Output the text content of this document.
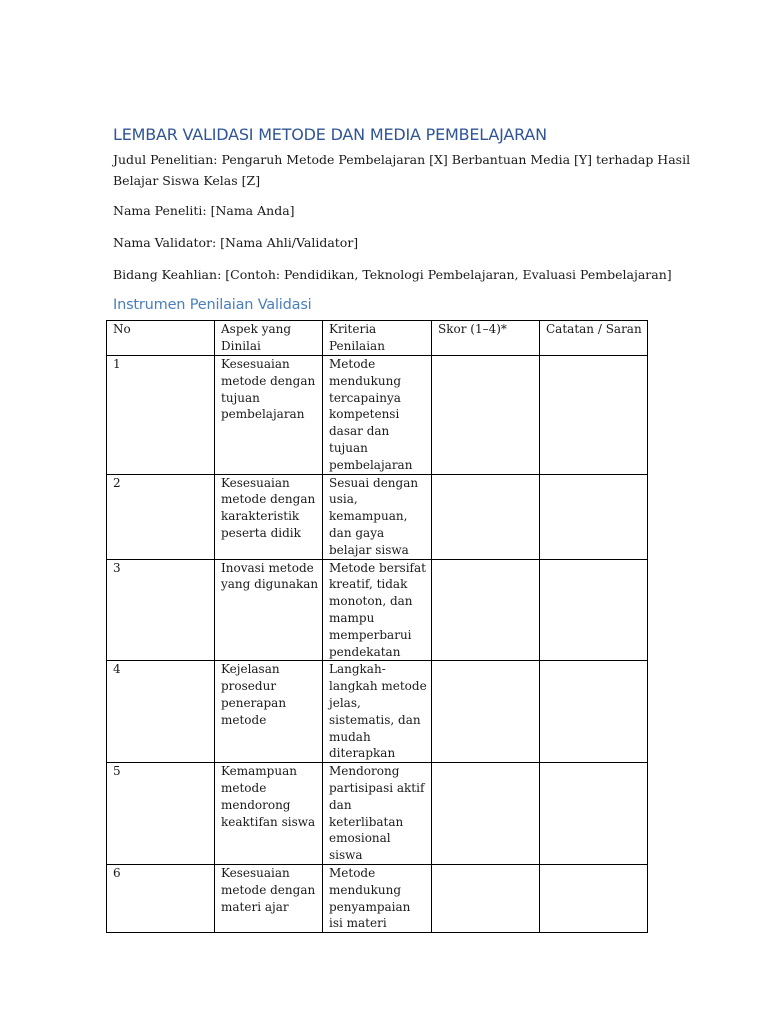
LEMBAR VALIDASI METODE DAN MEDIA PEMBELAJARAN
Judul Penelitian: Pengaruh Metode Pembelajaran [X] Berbantuan Media [Y] terhadap Hasil
Belajar Siswa Kelas [Z]
Nama Peneliti: [Nama Anda]
Nama Validator: [Nama Ahli/Validator]
Bidang Keahlian: [Contoh: Pendidikan, Teknologi Pembelajaran, Evaluasi Pembelajaran]
Instrumen Penilaian Validasi
No	Aspek yang Dinilai	Kriteria Penilaian	Skor (1–4)*	Catatan / Saran
1	Kesesuaian metode dengan tujuan pembelajaran	Metode mendukung tercapainya kompetensi dasar dan tujuan pembelajaran		
2	Kesesuaian metode dengan karakteristik peserta didik	Sesuai dengan usia, kemampuan, dan gaya belajar siswa		
3	Inovasi metode yang digunakan	Metode bersifat kreatif, tidak monoton, dan mampu memperbarui pendekatan		
4	Kejelasan prosedur penerapan metode	Langkah-langkah metode jelas, sistematis, dan mudah diterapkan		
5	Kemampuan metode mendorong keaktifan siswa	Mendorong partisipasi aktif dan keterlibatan emosional siswa		
6	Kesesuaian metode dengan materi ajar	Metode mendukung penyampaian isi materi		
